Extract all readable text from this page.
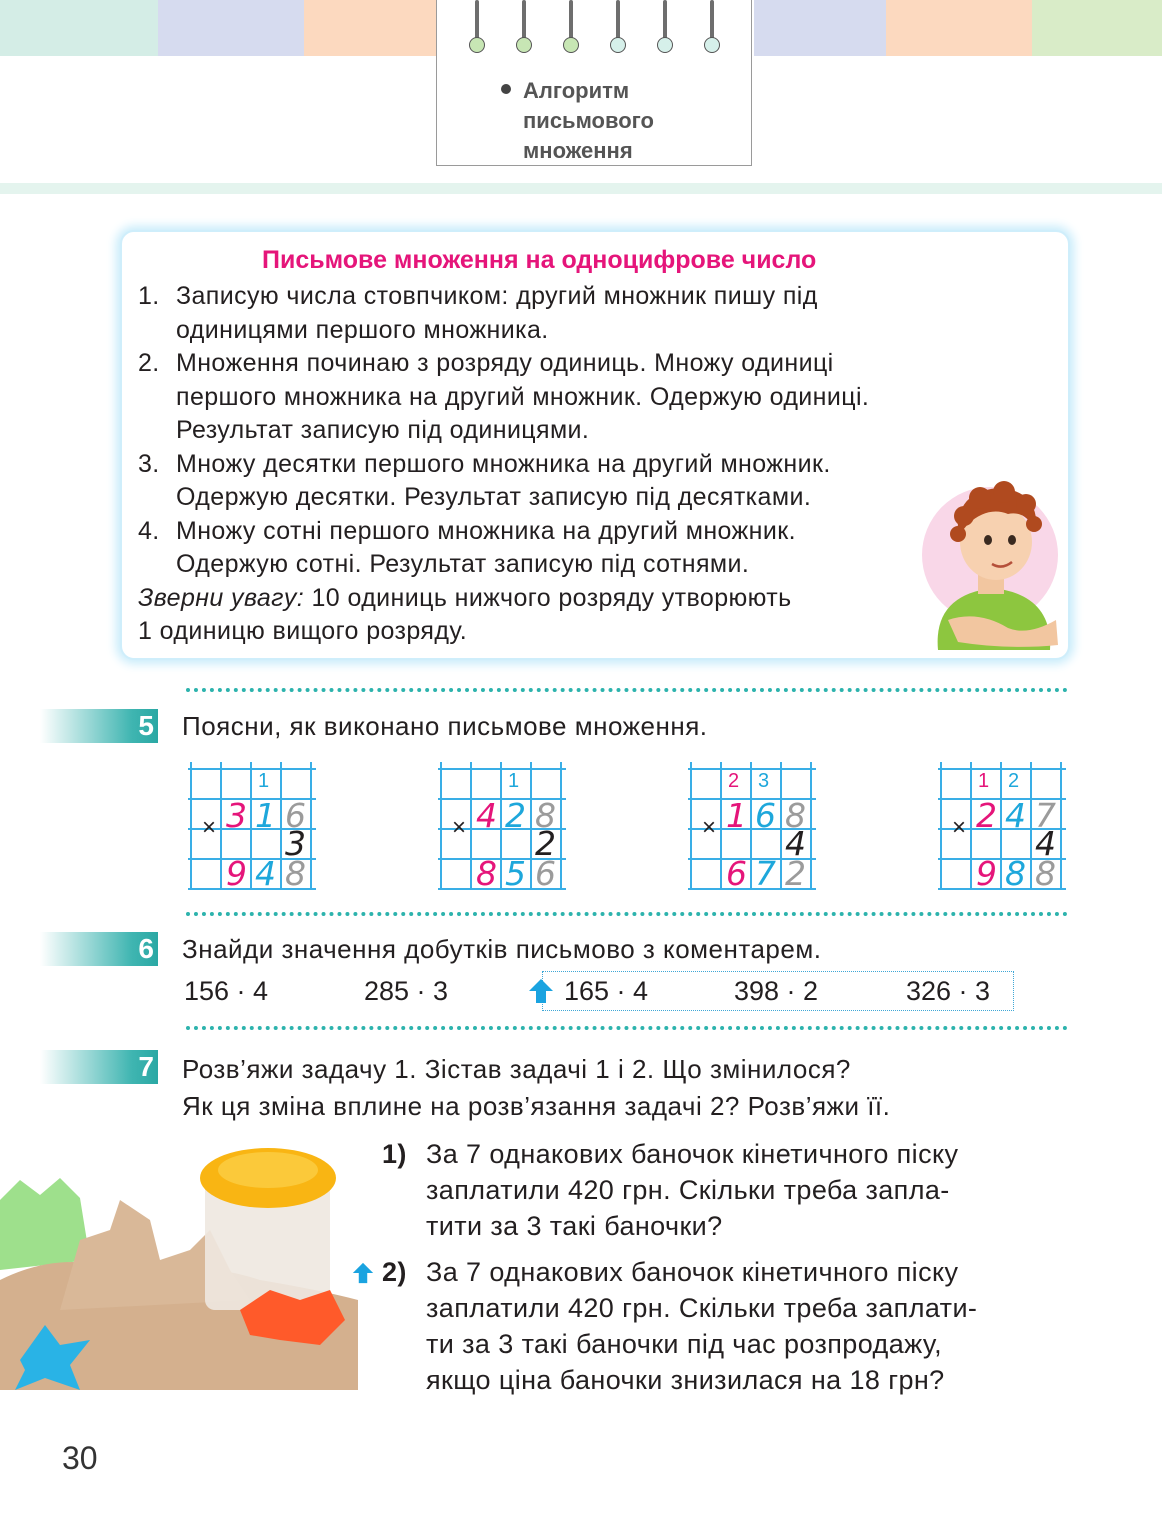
Алгоритм
письмового
множення
Письмове множення на одноцифрове число
1. Записую числа стовпчиком: другий множник пишу під
одиницями першого множника.
2. Множення починаю з розряду одиниць. Множу одиниці
першого множника на другий множник. Одержую одиниці.
Результат записую під одиницями.
3. Множу десятки першого множника на другий множник.
Одержую десятки. Результат записую під десятками.
4. Множу сотні першого множника на другий множник.
Одержую сотні. Результат записую під сотнями.
Зверни увагу: 10 одиниць нижчого розряду утворюють
1 одиницю вищого розряду.
5 Поясни, як виконано письмове множення.
1
3 1 6
3
9 4 8
×
1
4 2 8
2
8 5 6
×
2 3
1 6 8
4
6 7 2
×
1 2
2 4 7
4
9 8 8
×
6 Знайди значення добутків письмово з коментарем.
156 · 4	285 · 3	165 · 4	398 · 2	326 · 3
7 Розв’яжи задачу 1. Зістав задачі 1 і 2. Що змінилося?
Як ця зміна вплине на розв’язання задачі 2? Розв’яжи її.
1) За 7 однакових баночок кінетичного піску
заплатили 420 грн. Скільки треба запла-
тити за 3 такі баночки?
2) За 7 однакових баночок кінетичного піску
заплатили 420 грн. Скільки треба заплати-
ти за 3 такі баночки під час розпродажу,
якщо ціна баночки знизилася на 18 грн?
30
